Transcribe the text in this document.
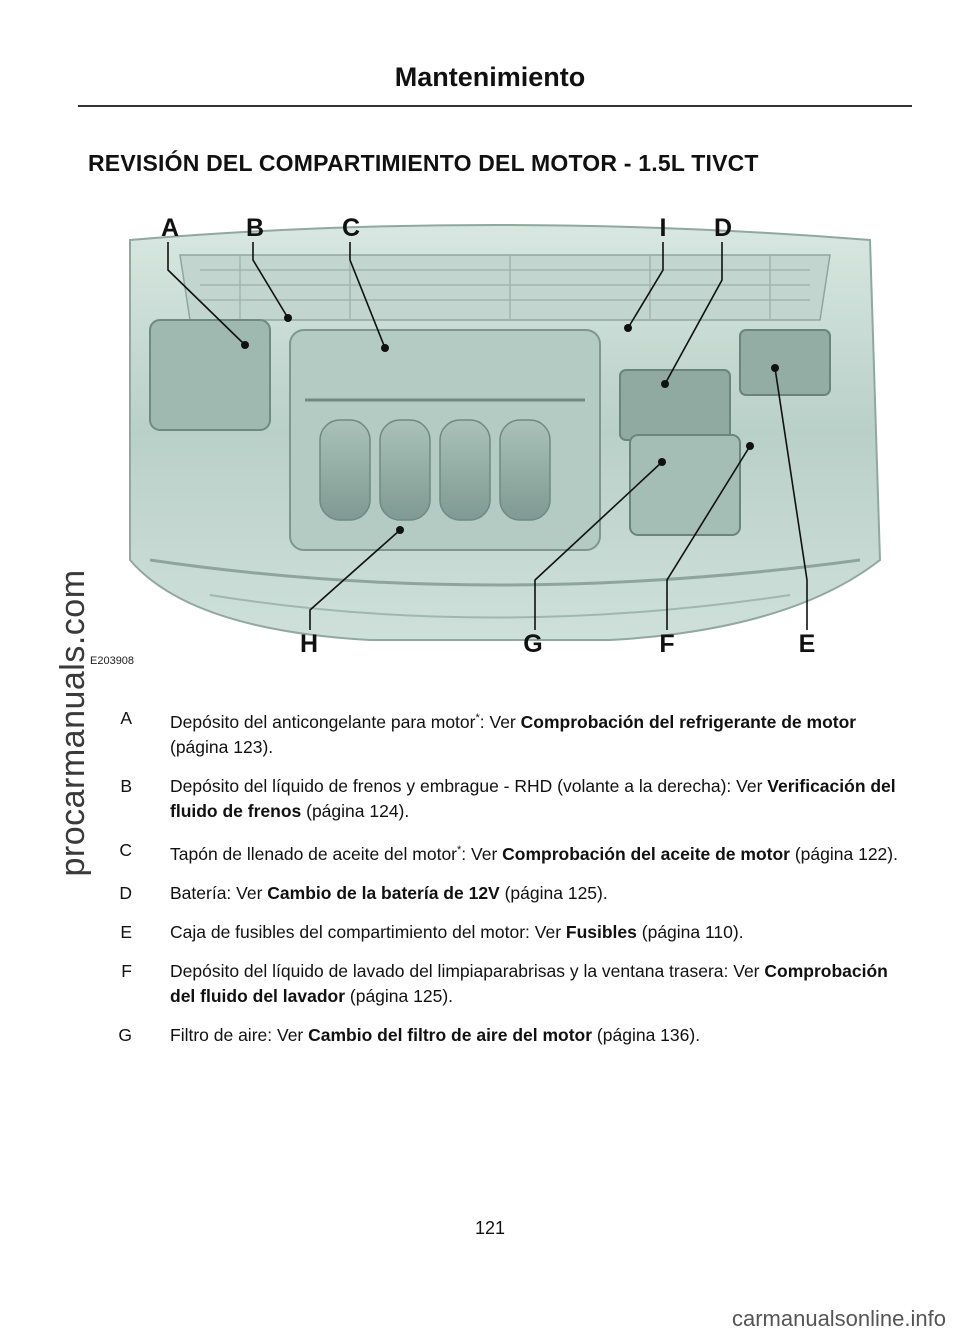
Mantenimiento
REVISIÓN DEL COMPARTIMIENTO DEL MOTOR - 1.5L TIVCT
procarmanuals.com
A	B	C	I	D
H	G	F	E
E203908
A Depósito del anticongelante para motor*: Ver Comprobación del refrigerante de motor (página 123).
B Depósito del líquido de frenos y embrague - RHD (volante a la derecha): Ver Verificación del fluido de frenos (página 124).
C Tapón de llenado de aceite del motor*: Ver Comprobación del aceite de motor (página 122).
D Batería: Ver Cambio de la batería de 12V (página 125).
E Caja de fusibles del compartimiento del motor: Ver Fusibles (página 110).
F Depósito del líquido de lavado del limpiaparabrisas y la ventana trasera: Ver Comprobación del fluido del lavador (página 125).
G Filtro de aire: Ver Cambio del filtro de aire del motor (página 136).
121
carmanualsonline.info
